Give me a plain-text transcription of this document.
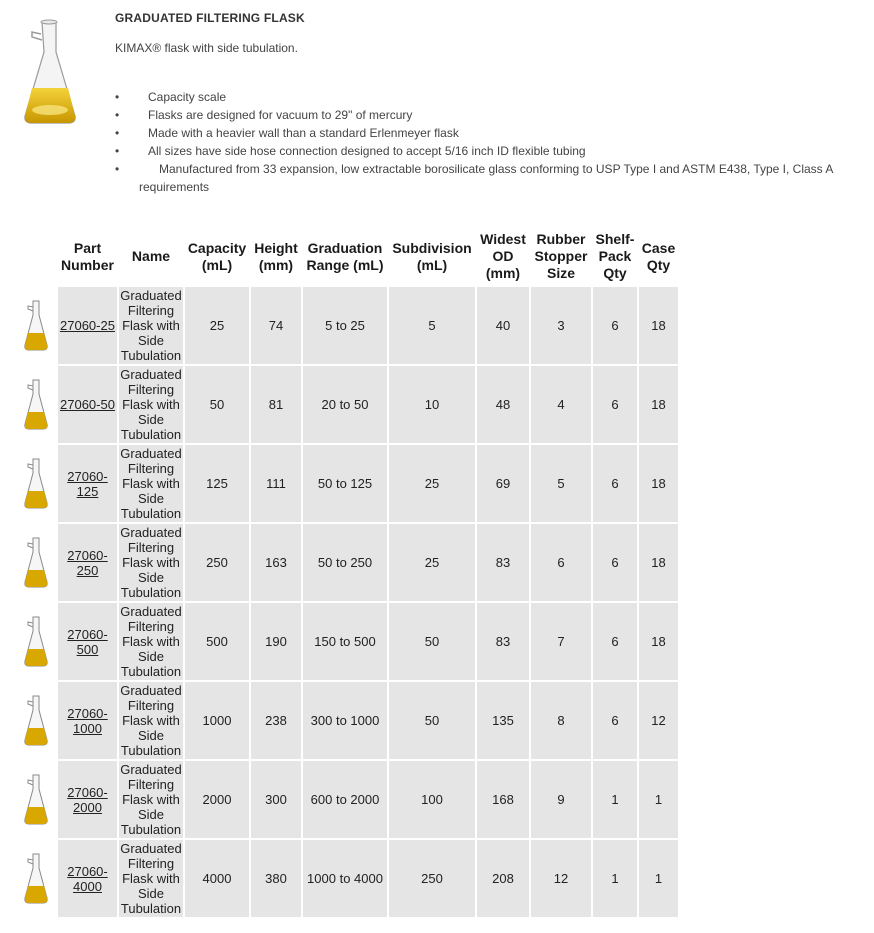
GRADUATED FILTERING FLASK
KIMAX® flask with side tubulation.
• Capacity scale
• Flasks are designed for vacuum to 29" of mercury
• Made with a heavier wall than a standard Erlenmeyer flask
• All sizes have side hose connection designed to accept 5/16 inch ID flexible tubing
• Manufactured from 33 expansion, low extractable borosilicate glass conforming to USP Type I and ASTM E438, Type I, Class A
requirements
	Part Number	Name	Capacity (mL)	Height (mm)	Graduation Range (mL)	Subdivision (mL)	Widest OD (mm)	Rubber Stopper Size	Shelf-Pack Qty	Case Qty

	27060-25	Graduated Filtering Flask with Side Tubulation	25	74	5 to 25	5	40	3	6	18

	27060-50	Graduated Filtering Flask with Side Tubulation	50	81	20 to 50	10	48	4	6	18

	27060-125	Graduated Filtering Flask with Side Tubulation	125	111	50 to 125	25	69	5	6	18

	27060-250	Graduated Filtering Flask with Side Tubulation	250	163	50 to 250	25	83	6	6	18

	27060-500	Graduated Filtering Flask with Side Tubulation	500	190	150 to 500	50	83	7	6	18

	27060-1000	Graduated Filtering Flask with Side Tubulation	1000	238	300 to 1000	50	135	8	6	12

	27060-2000	Graduated Filtering Flask with Side Tubulation	2000	300	600 to 2000	100	168	9	1	1

	27060-4000	Graduated Filtering Flask with Side Tubulation	4000	380	1000 to 4000	250	208	12	1	1
